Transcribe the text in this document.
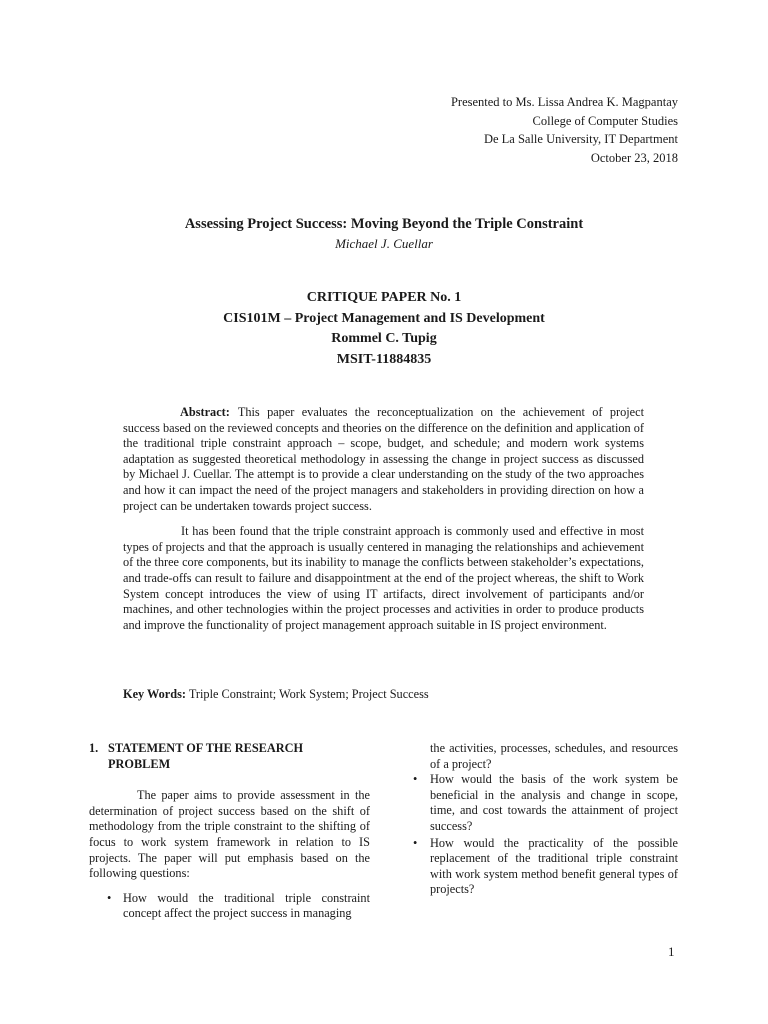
Presented to Ms. Lissa Andrea K. Magpantay
College of Computer Studies
De La Salle University, IT Department
October 23, 2018
Assessing Project Success: Moving Beyond the Triple Constraint
Michael J. Cuellar
CRITIQUE PAPER No. 1
CIS101M – Project Management and IS Development
Rommel C. Tupig
MSIT-11884835

Abstract: This paper evaluates the reconceptualization on the achievement of project success based on the reviewed concepts and theories on the difference on the definition and application of the traditional triple constraint approach – scope, budget, and schedule; and modern work systems adaptation as suggested theoretical methodology in assessing the change in project success as discussed by Michael J. Cuellar. The attempt is to provide a clear understanding on the study of the two approaches and how it can impact the need of the project managers and stakeholders in providing direction on how a project can be undertaken towards project success.

It has been found that the triple constraint approach is commonly used and effective in most types of projects and that the approach is usually centered in managing the relationships and achievement of the three core components, but its inability to manage the conflicts between stakeholder’s expectations, and trade-offs can result to failure and disappointment at the end of the project whereas, the shift to Work System concept introduces the view of using IT artifacts, direct involvement of participants and/or machines, and other technologies within the project processes and activities in order to produce products and improve the functionality of project management approach suitable in IS project environment.

Key Words: Triple Constraint; Work System; Project Success
1. STATEMENT OF THE RESEARCH PROBLEM

The paper aims to provide assessment in the determination of project success based on the shift of methodology from the triple constraint to the shifting of focus to work system framework in relation to IS projects. The paper will put emphasis based on the following questions:

• How would the traditional triple constraint concept affect the project success in managing
the activities, processes, schedules, and resources of a project?
• How would the basis of the work system be beneficial in the analysis and change in scope, time, and cost towards the attainment of project success?
• How would the practicality of the possible replacement of the traditional triple constraint with work system method benefit general types of projects?
1
